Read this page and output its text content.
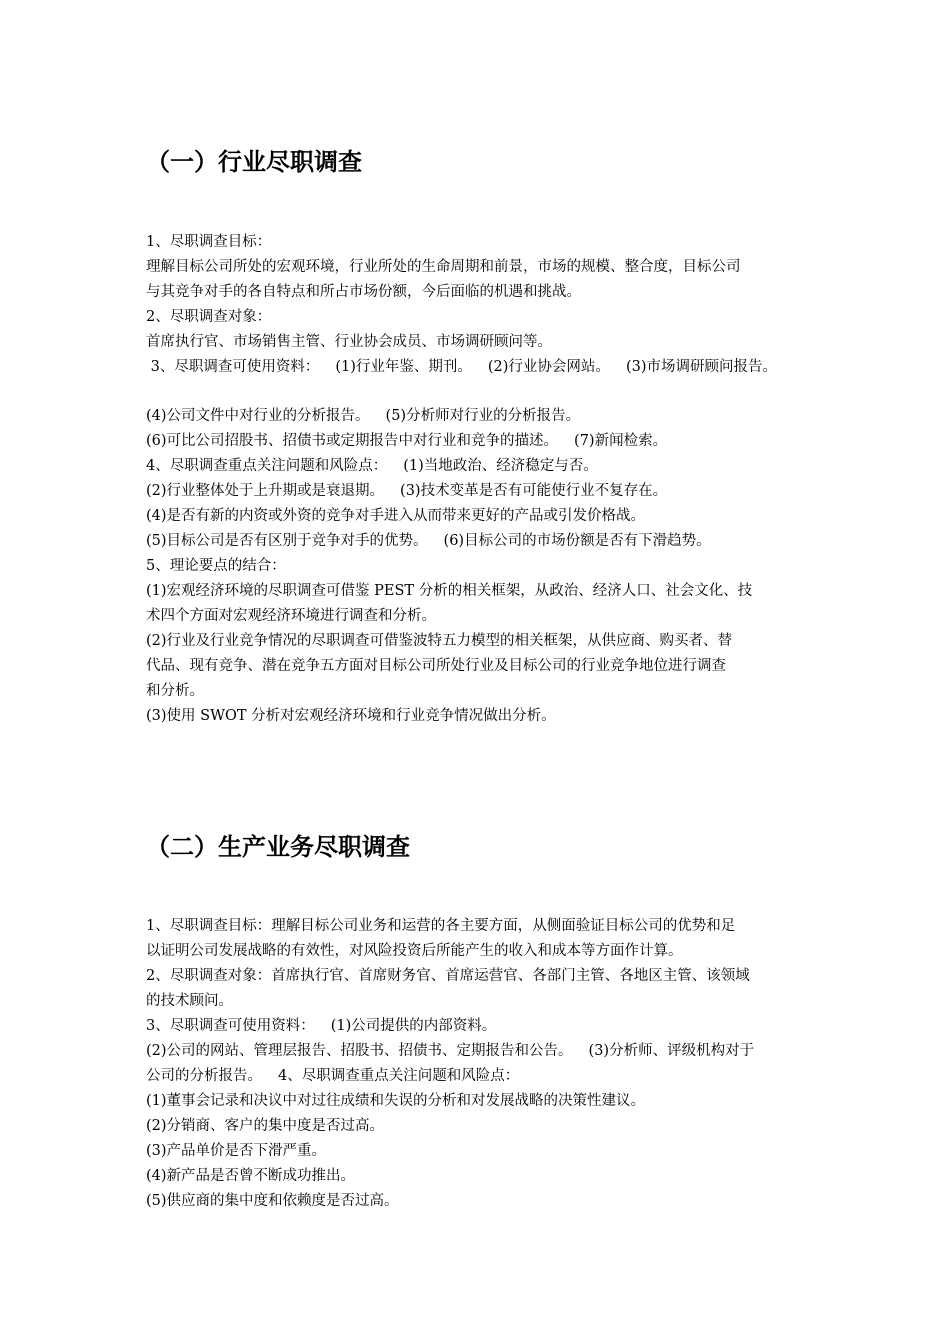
（一）行业尽职调查
1、尽职调查目标：
理解目标公司所处的宏观环境，行业所处的生命周期和前景，市场的规模、整合度，目标公司
与其竞争对手的各自特点和所占市场份额，今后面临的机遇和挑战。
2、尽职调查对象：
首席执行官、市场销售主管、行业协会成员、市场调研顾问等。
3、尽职调查可使用资料： (1)行业年鉴、期刊。 (2)行业协会网站。 (3)市场调研顾问报告。
(4)公司文件中对行业的分析报告。 (5)分析师对行业的分析报告。
(6)可比公司招股书、招债书或定期报告中对行业和竞争的描述。 (7)新闻检索。
4、尽职调查重点关注问题和风险点： (1)当地政治、经济稳定与否。
(2)行业整体处于上升期或是衰退期。 (3)技术变革是否有可能使行业不复存在。
(4)是否有新的内资或外资的竞争对手进入从而带来更好的产品或引发价格战。
(5)目标公司是否有区别于竞争对手的优势。 (6)目标公司的市场份额是否有下滑趋势。
5、理论要点的结合：
(1)宏观经济环境的尽职调查可借鉴 PEST 分析的相关框架，从政治、经济人口、社会文化、技
术四个方面对宏观经济环境进行调查和分析。
(2)行业及行业竞争情况的尽职调查可借鉴波特五力模型的相关框架，从供应商、购买者、替
代品、现有竞争、潜在竞争五方面对目标公司所处行业及目标公司的行业竞争地位进行调查
和分析。
(3)使用 SWOT 分析对宏观经济环境和行业竞争情况做出分析。
（二）生产业务尽职调查
1、尽职调查目标：理解目标公司业务和运营的各主要方面，从侧面验证目标公司的优势和足
以证明公司发展战略的有效性，对风险投资后所能产生的收入和成本等方面作计算。
2、尽职调查对象：首席执行官、首席财务官、首席运营官、各部门主管、各地区主管、该领域
的技术顾问。
3、尽职调查可使用资料： (1)公司提供的内部资料。
(2)公司的网站、管理层报告、招股书、招债书、定期报告和公告。 (3)分析师、评级机构对于
公司的分析报告。 4、尽职调查重点关注问题和风险点：
(1)董事会记录和决议中对过往成绩和失误的分析和对发展战略的决策性建议。
(2)分销商、客户的集中度是否过高。
(3)产品单价是否下滑严重。
(4)新产品是否曾不断成功推出。
(5)供应商的集中度和依赖度是否过高。
